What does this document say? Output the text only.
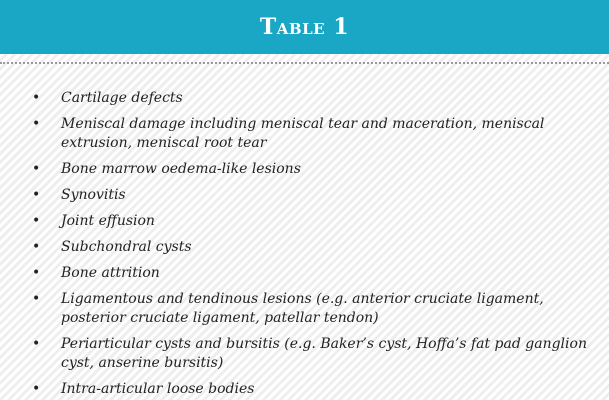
Table 1
• Cartilage defects
• Meniscal damage including meniscal tear and maceration, meniscal extrusion, meniscal root tear
• Bone marrow oedema-like lesions
• Synovitis
• Joint effusion
• Subchondral cysts
• Bone attrition
• Ligamentous and tendinous lesions (e.g. anterior cruciate ligament, posterior cruciate ligament, patellar tendon)
• Periarticular cysts and bursitis (e.g. Baker’s cyst, Hoffa’s fat pad ganglion cyst, anserine bursitis)
• Intra-articular loose bodies
